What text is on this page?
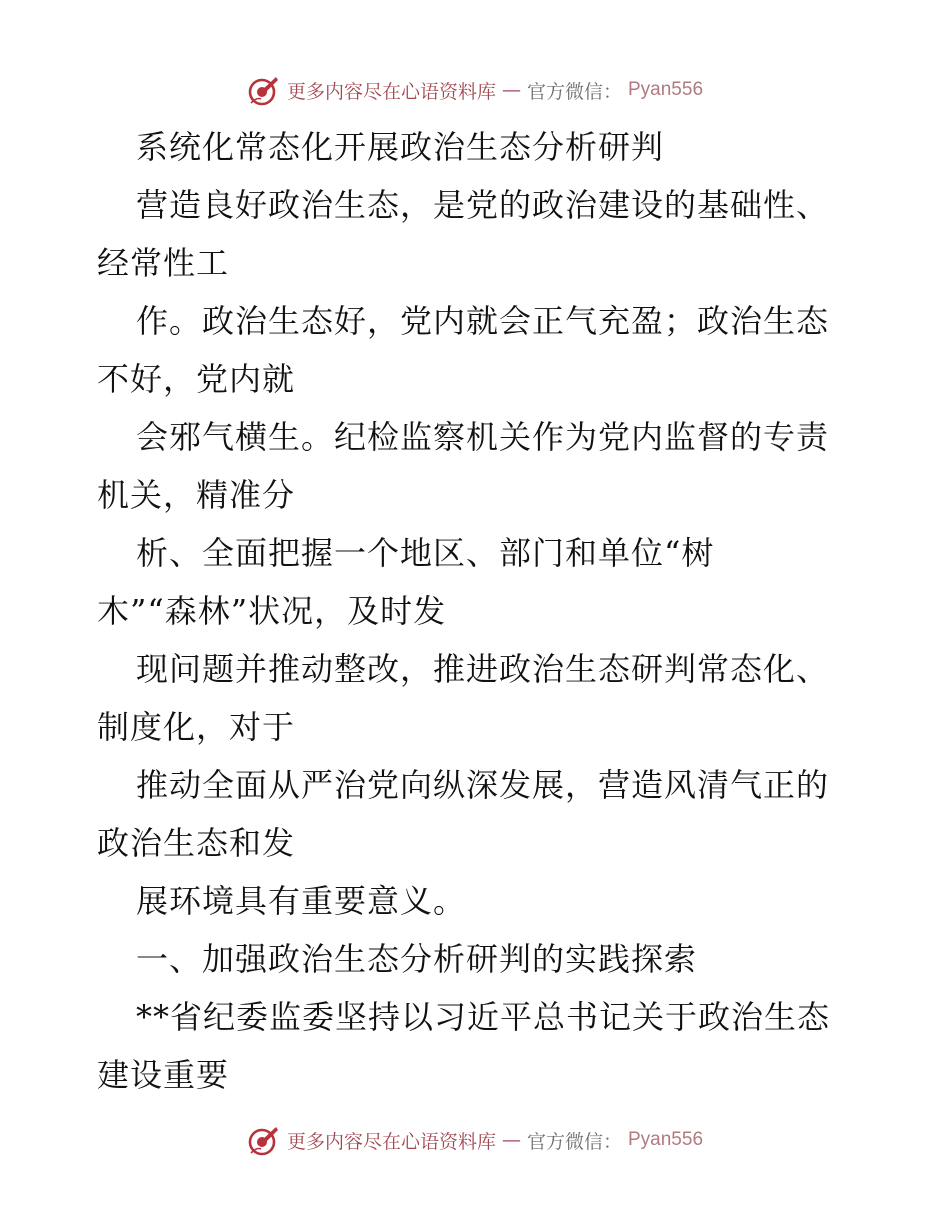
更多内容尽在心语资料库 — 官方微信： Pyan556
系统化常态化开展政治生态分析研判
营造良好政治生态，是党的政治建设的基础性、
经常性工
作。政治生态好，党内就会正气充盈；政治生态
不好，党内就
会邪气横生。纪检监察机关作为党内监督的专责
机关，精准分
析、全面把握一个地区、部门和单位“树
木”“森林”状况，及时发
现问题并推动整改，推进政治生态研判常态化、
制度化，对于
推动全面从严治党向纵深发展，营造风清气正的
政治生态和发
展环境具有重要意义。
一、加强政治生态分析研判的实践探索
**省纪委监委坚持以习近平总书记关于政治生态
建设重要
更多内容尽在心语资料库 — 官方微信： Pyan556
